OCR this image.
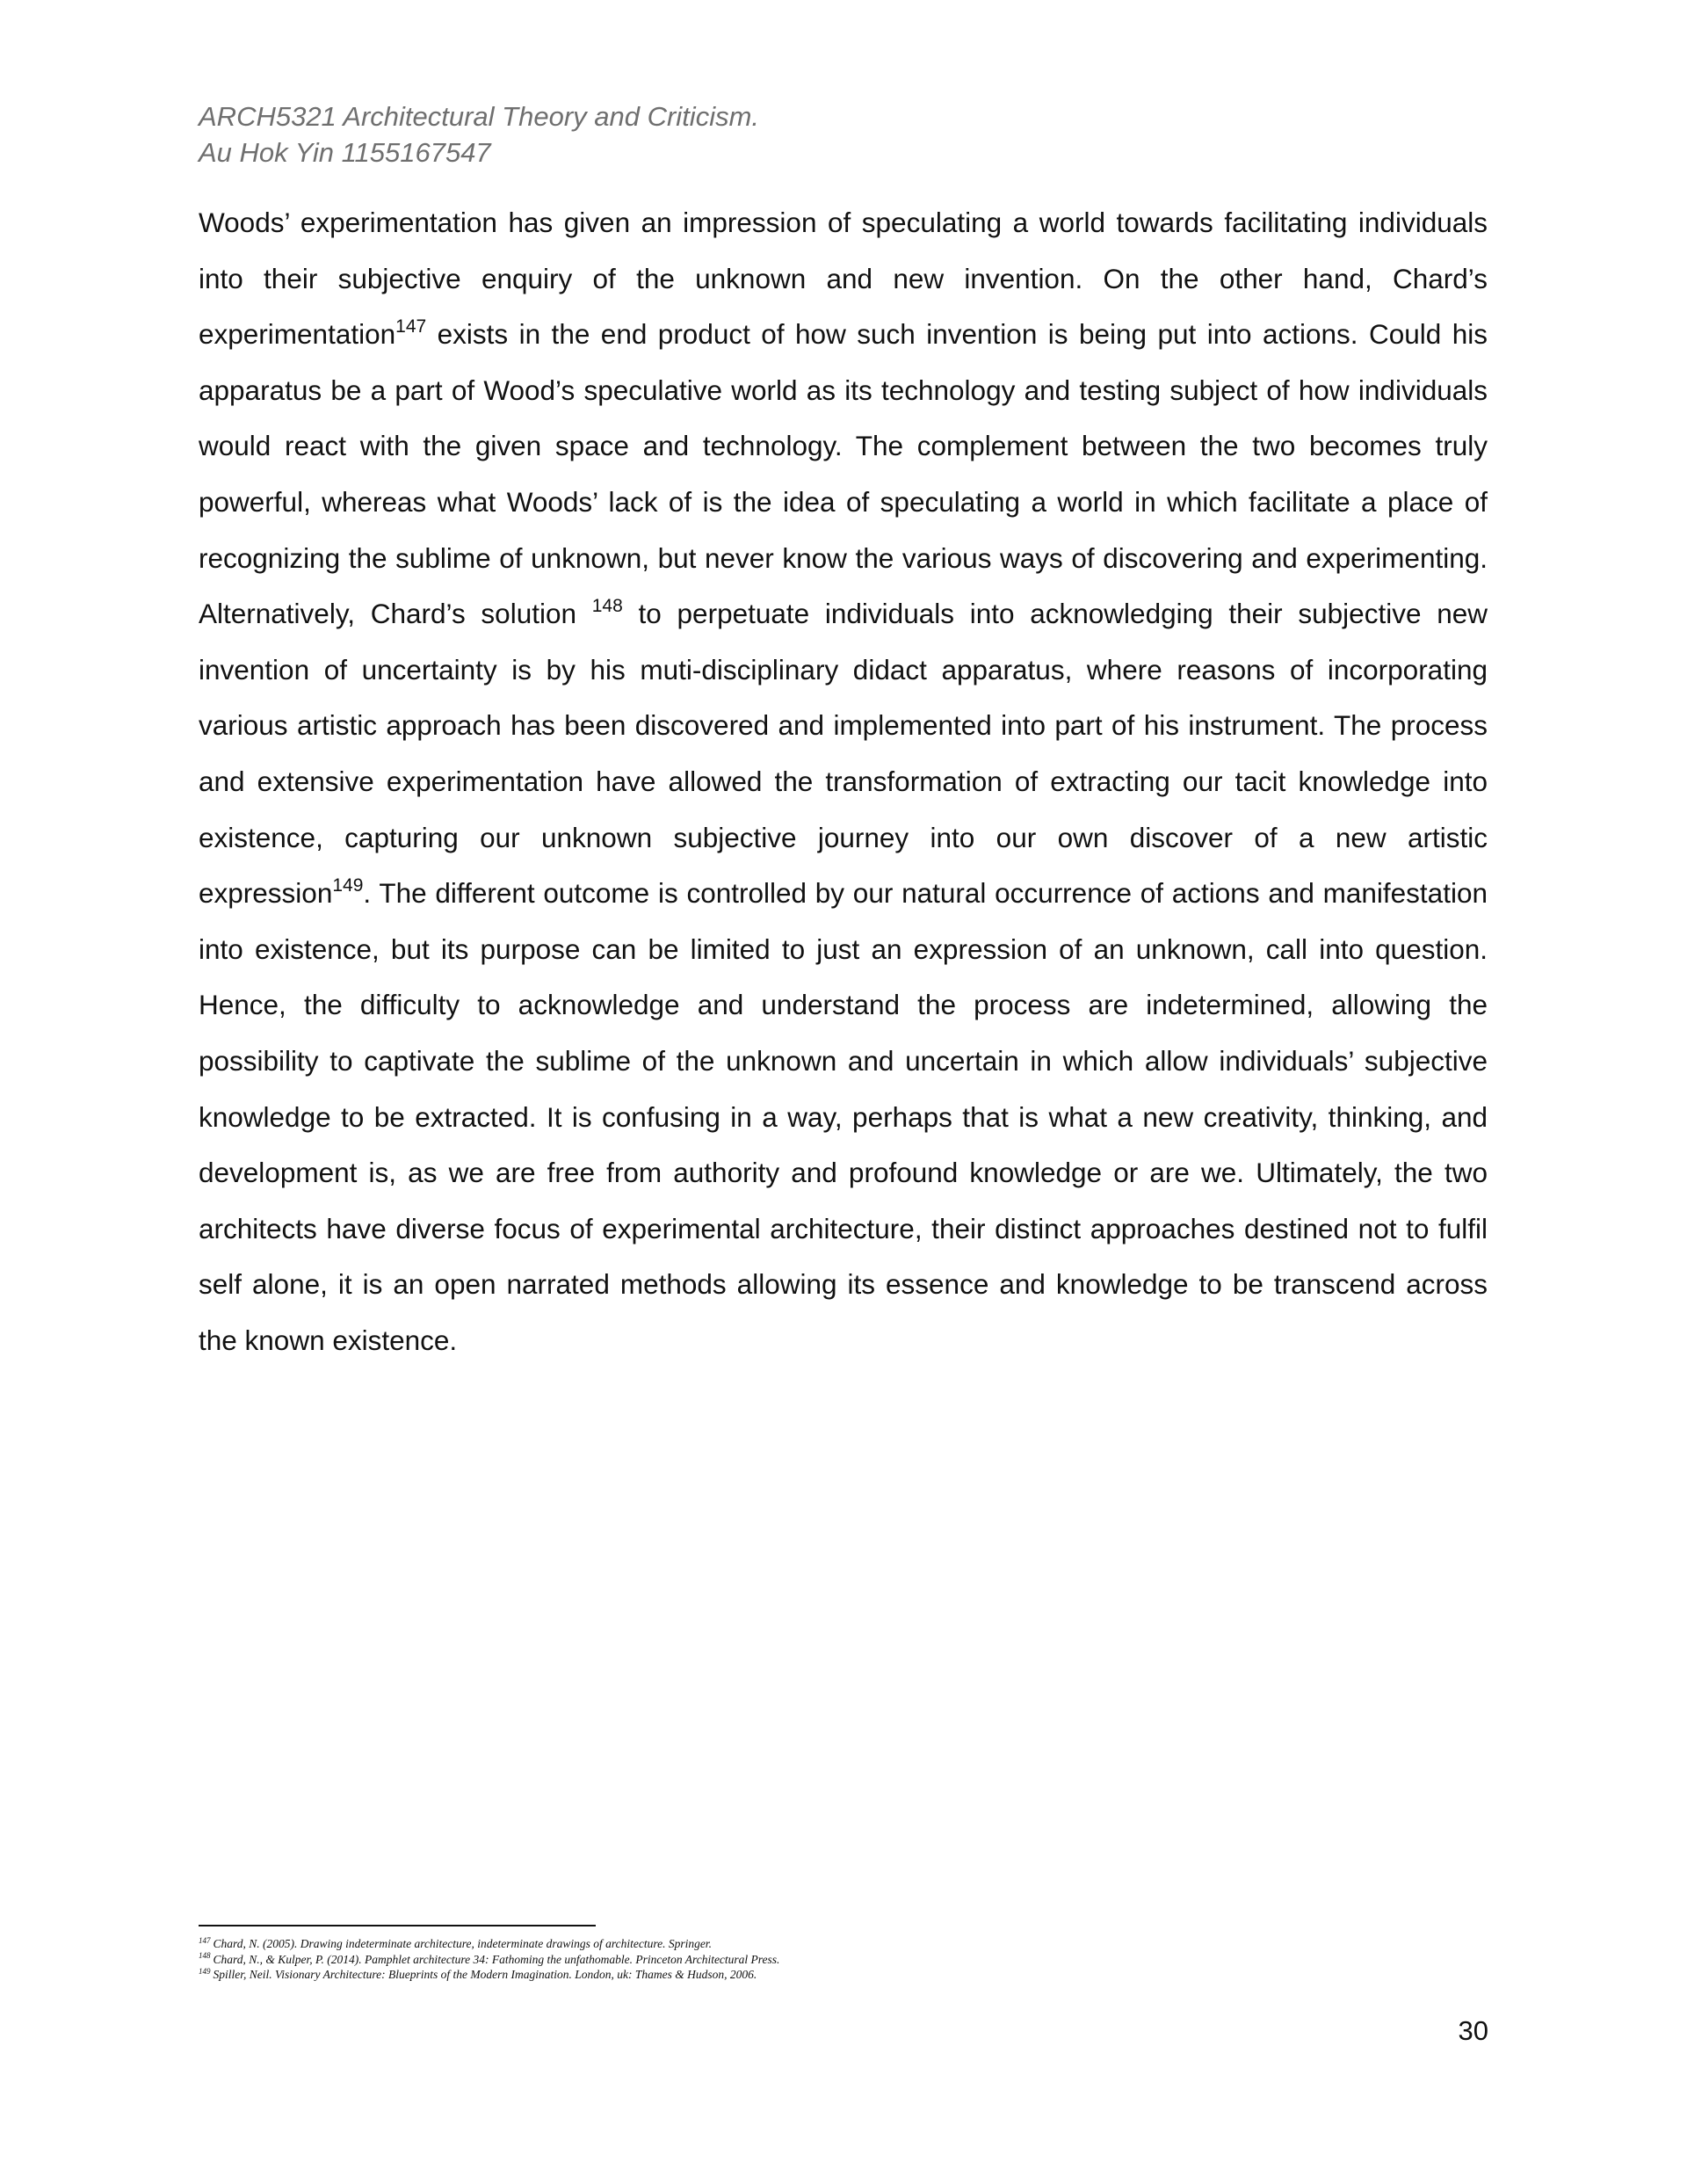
ARCH5321 Architectural Theory and Criticism.
Au Hok Yin 1155167547

Woods’ experimentation has given an impression of speculating a world towards facilitating individuals into their subjective enquiry of the unknown and new invention. On the other hand, Chard’s experimentation$^{147}$ exists in the end product of how such invention is being put into actions. Could his apparatus be a part of Wood’s speculative world as its technology and testing subject of how individuals would react with the given space and technology. The complement between the two becomes truly powerful, whereas what Woods’ lack of is the idea of speculating a world in which facilitate a place of recognizing the sublime of unknown, but never know the various ways of discovering and experimenting. Alternatively, Chard’s solution $^{148}$ to perpetuate individuals into acknowledging their subjective new invention of uncertainty is by his muti-disciplinary didact apparatus, where reasons of incorporating various artistic approach has been discovered and implemented into part of his instrument. The process and extensive experimentation have allowed the transformation of extracting our tacit knowledge into existence, capturing our unknown subjective journey into our own discover of a new artistic expression$^{149}$. The different outcome is controlled by our natural occurrence of actions and manifestation into existence, but its purpose can be limited to just an expression of an unknown, call into question. Hence, the difficulty to acknowledge and understand the process are indetermined, allowing the possibility to captivate the sublime of the unknown and uncertain in which allow individuals’ subjective knowledge to be extracted. It is confusing in a way, perhaps that is what a new creativity, thinking, and development is, as we are free from authority and profound knowledge or are we. Ultimately, the two architects have diverse focus of experimental architecture, their distinct approaches destined not to fulfil self alone, it is an open narrated methods allowing its essence and knowledge to be transcend across the known existence.

$^{147}$ Chard, N. (2005). Drawing indeterminate architecture, indeterminate drawings of architecture. Springer.
$^{148}$ Chard, N., & Kulper, P. (2014). Pamphlet architecture 34: Fathoming the unfathomable. Princeton Architectural Press.
$^{149}$ Spiller, Neil. Visionary Architecture: Blueprints of the Modern Imagination. London, uk: Thames & Hudson, 2006.
30
